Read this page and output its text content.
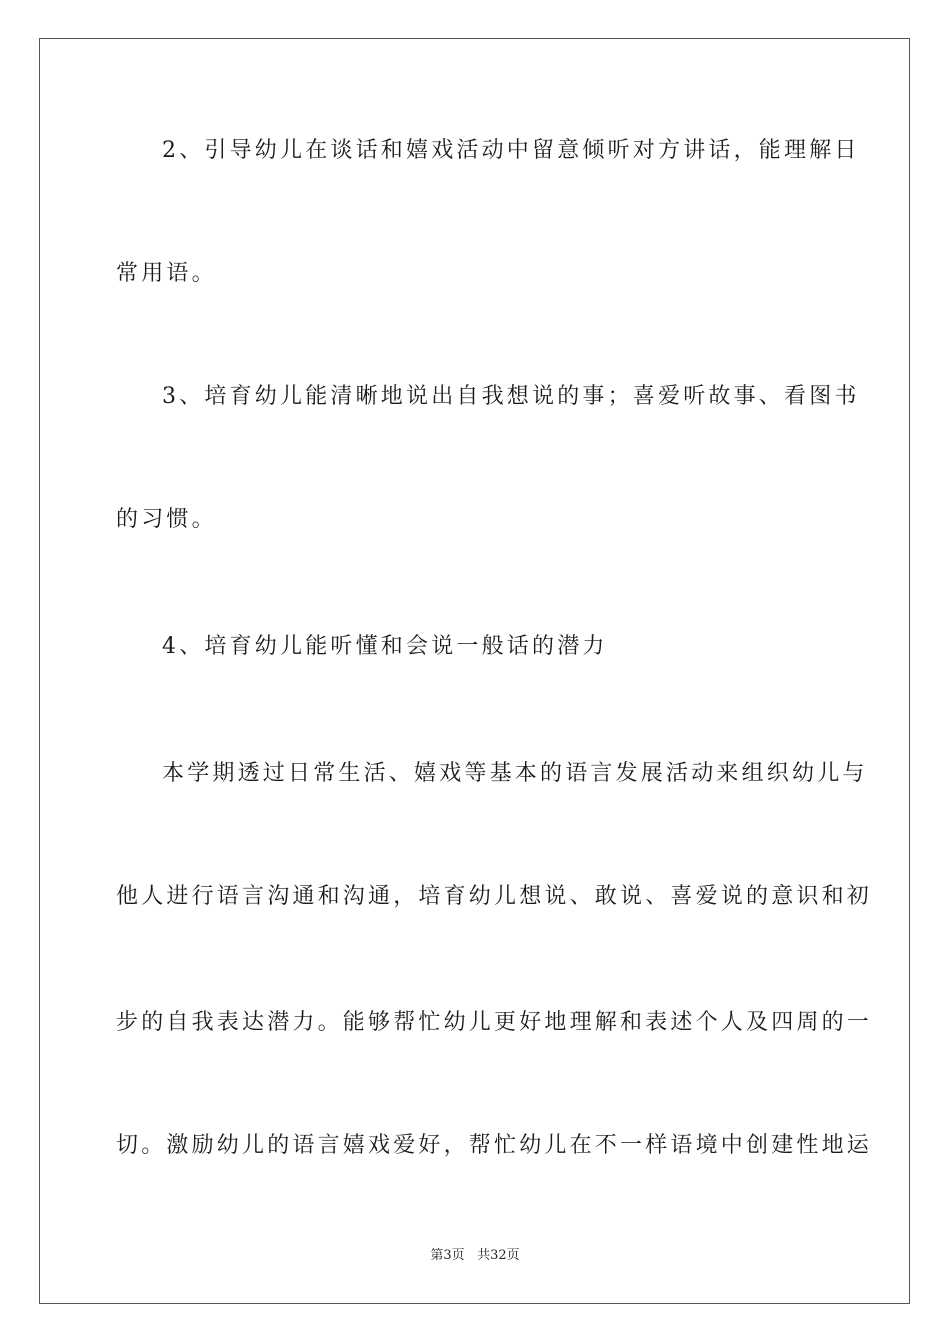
2、引导幼儿在谈话和嬉戏活动中留意倾听对方讲话，能理解日
常用语。
3、培育幼儿能清晰地说出自我想说的事；喜爱听故事、看图书
的习惯。
4、培育幼儿能听懂和会说一般话的潜力
本学期透过日常生活、嬉戏等基本的语言发展活动来组织幼儿与
他人进行语言沟通和沟通，培育幼儿想说、敢说、喜爱说的意识和初
步的自我表达潜力。能够帮忙幼儿更好地理解和表述个人及四周的一
切。激励幼儿的语言嬉戏爱好，帮忙幼儿在不一样语境中创建性地运
第3页 共32页
